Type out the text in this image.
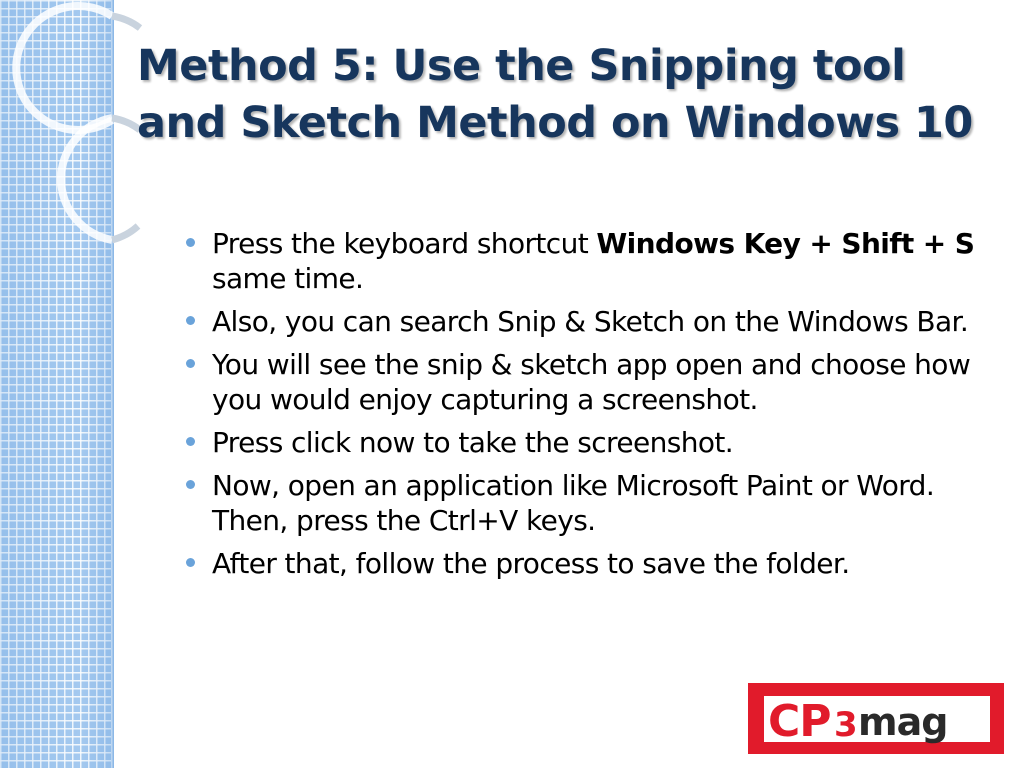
Method 5: Use the Snipping tool
and Sketch Method on Windows 10
Press the keyboard shortcut Windows Key + Shift + S same time.
Also, you can search Snip & Sketch on the Windows Bar.
You will see the snip & sketch app open and choose how you would enjoy capturing a screenshot.
Press click now to take the screenshot.
Now, open an application like Microsoft Paint or Word. Then, press the Ctrl+V keys.
After that, follow the process to save the folder.
CP 3 mag
